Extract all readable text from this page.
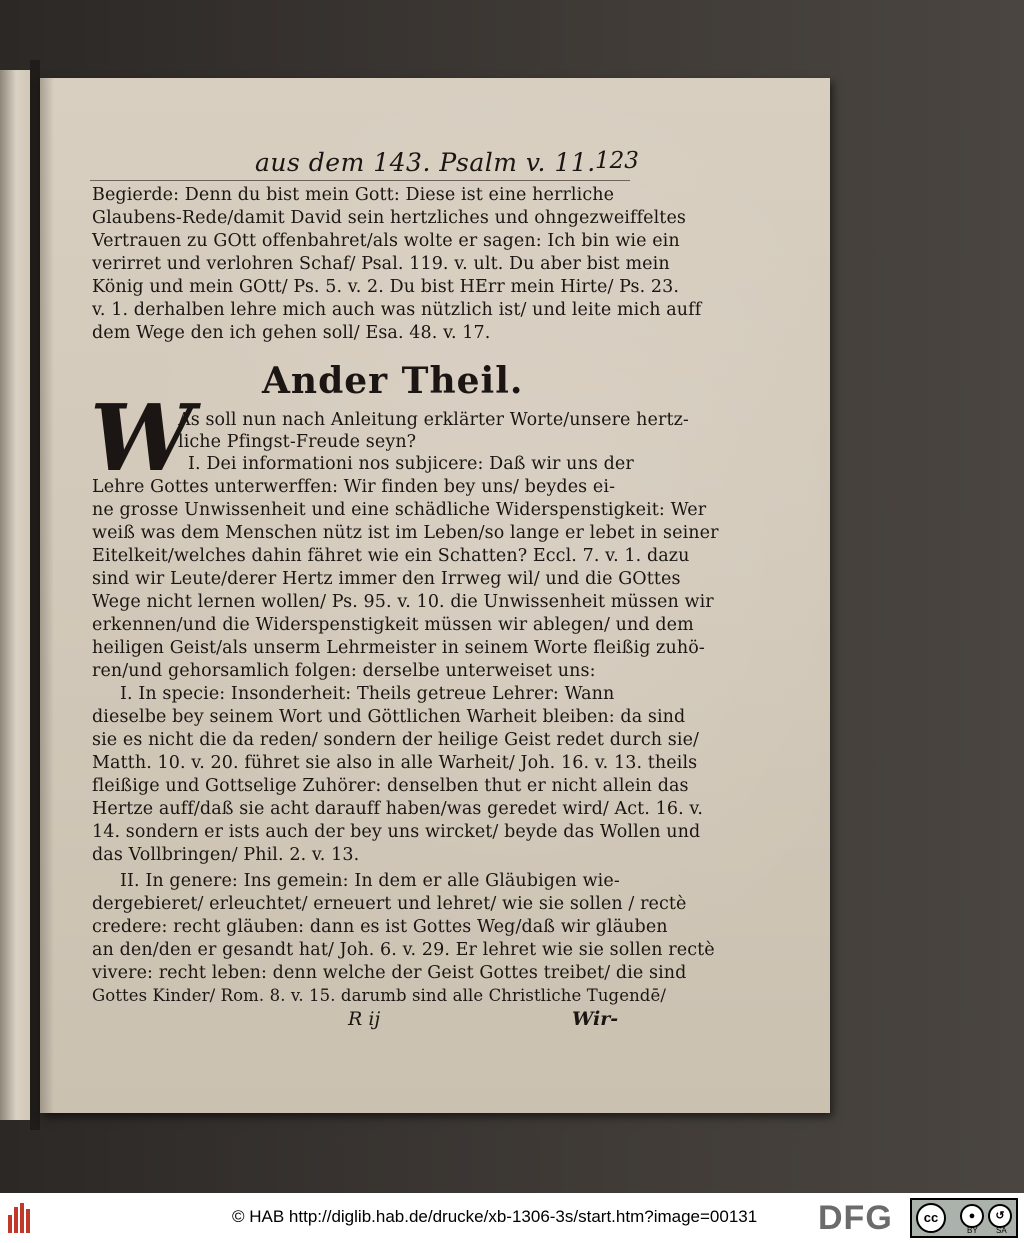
aus dem 143. Psalm v. 11. 123
Begierde: Denn du bist mein Gott: Diese ist eine herrliche
Glaubens-Rede/damit David sein hertzliches und ohngezweiffeltes
Vertrauen zu GOtt offenbahret/als wolte er sagen: Ich bin wie ein
verirret und verlohren Schaf/ Psal. 119. v. ult. Du aber bist mein
König und mein GOtt/ Ps. 5. v. 2. Du bist HErr mein Hirte/ Ps. 23.
v. 1. derhalben lehre mich auch was nützlich ist/ und leite mich auff
dem Wege den ich gehen soll/ Esa. 48. v. 17.
Ander Theil.
W
As soll nun nach Anleitung erklärter Worte/unsere hertz-
liche Pfingst-Freude seyn?
I. Dei informationi nos subjicere: Daß wir uns der
Lehre Gottes unterwerffen: Wir finden bey uns/ beydes ei-
ne grosse Unwissenheit und eine schädliche Widerspenstigkeit: Wer
weiß was dem Menschen nütz ist im Leben/so lange er lebet in seiner
Eitelkeit/welches dahin fähret wie ein Schatten? Eccl. 7. v. 1. dazu
sind wir Leute/derer Hertz immer den Irrweg wil/ und die GOttes
Wege nicht lernen wollen/ Ps. 95. v. 10. die Unwissenheit müssen wir
erkennen/und die Widerspenstigkeit müssen wir ablegen/ und dem
heiligen Geist/als unserm Lehrmeister in seinem Worte fleißig zuhö-
ren/und gehorsamlich folgen: derselbe unterweiset uns:
I. In specie: Insonderheit: Theils getreue Lehrer: Wann
dieselbe bey seinem Wort und Göttlichen Warheit bleiben: da sind
sie es nicht die da reden/ sondern der heilige Geist redet durch sie/
Matth. 10. v. 20. führet sie also in alle Warheit/ Joh. 16. v. 13. theils
fleißige und Gottselige Zuhörer: denselben thut er nicht allein das
Hertze auff/daß sie acht darauff haben/was geredet wird/ Act. 16. v.
14. sondern er ists auch der bey uns wircket/ beyde das Wollen und
das Vollbringen/ Phil. 2. v. 13.
II. In genere: Ins gemein: In dem er alle Gläubigen wie-
dergebieret/ erleuchtet/ erneuert und lehret/ wie sie sollen / rectè
credere: recht gläuben: dann es ist Gottes Weg/daß wir gläuben
an den/den er gesandt hat/ Joh. 6. v. 29. Er lehret wie sie sollen rectè
vivere: recht leben: denn welche der Geist Gottes treibet/ die sind
Gottes Kinder/ Rom. 8. v. 15. darumb sind alle Christliche Tugendē/
R ij	Wir-
© HAB http://diglib.hab.de/drucke/xb-1306-3s/start.htm?image=00131 DFG	cc	●	↺
BY SA
